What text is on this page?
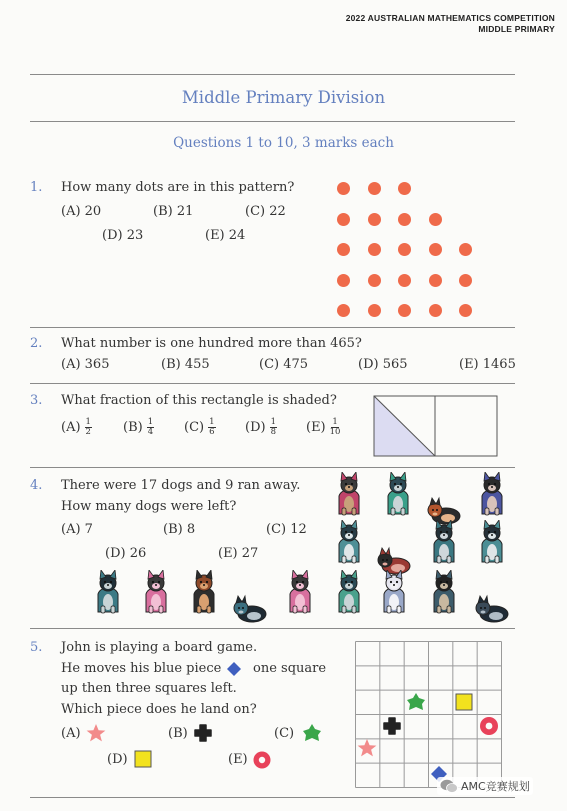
2022 AUSTRALIAN MATHEMATICS COMPETITION
MIDDLE PRIMARY
Middle Primary Division
Questions 1 to 10, 3 marks each
1. How many dots are in this pattern?
(A) 20	(B) 21	(C) 22
(D) 23	(E) 24
2. What number is one hundred more than 465?
(A) 365	(B) 455	(C) 475	(D) 565	(E) 1465
3. What fraction of this rectangle is shaded?
$(A) \frac{1}{2} (B) \frac{1}{4} (C) \frac{1}{6} (D) \frac{1}{8} (E) \frac{1}{10}$
4. There were 17 dogs and 9 ran away.
How many dogs were left?
(A) 7	(B) 8	(C) 12
(D) 26	(E) 27
5. John is playing a board game.
He moves his blue piece one square
up then three squares left.
Which piece does he land on?
(A)	(B)	(C)
(D)	(E)
AMC竞赛规划
